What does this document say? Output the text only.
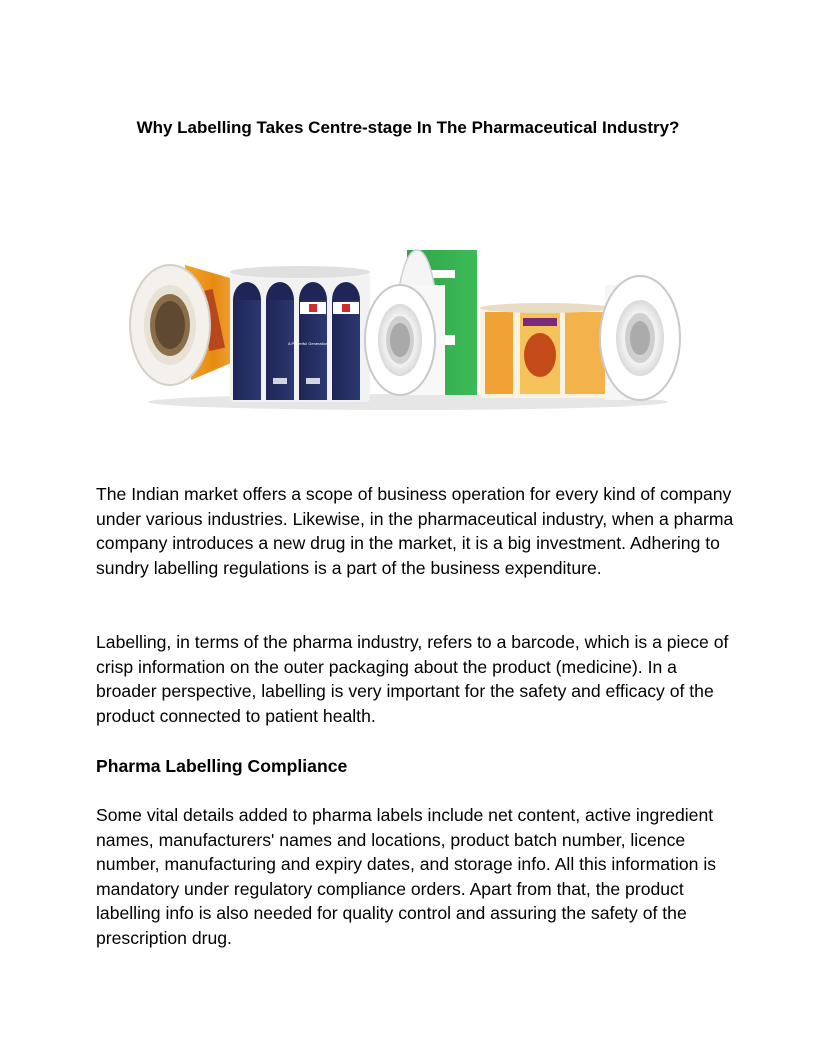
Why Labelling Takes Centre-stage In The Pharmaceutical Industry?
A Powerful Generation

The Indian market offers a scope of business operation for every kind of company under various industries. Likewise, in the pharmaceutical industry, when a pharma company introduces a new drug in the market, it is a big investment. Adhering to sundry labelling regulations is a part of the business expenditure.

Labelling, in terms of the pharma industry, refers to a barcode, which is a piece of crisp information on the outer packaging about the product (medicine). In a broader perspective, labelling is very important for the safety and efficacy of the product connected to patient health.

Pharma Labelling Compliance

Some vital details added to pharma labels include net content, active ingredient names, manufacturers' names and locations, product batch number, licence number, manufacturing and expiry dates, and storage info. All this information is mandatory under regulatory compliance orders. Apart from that, the product labelling info is also needed for quality control and assuring the safety of the prescription drug.
